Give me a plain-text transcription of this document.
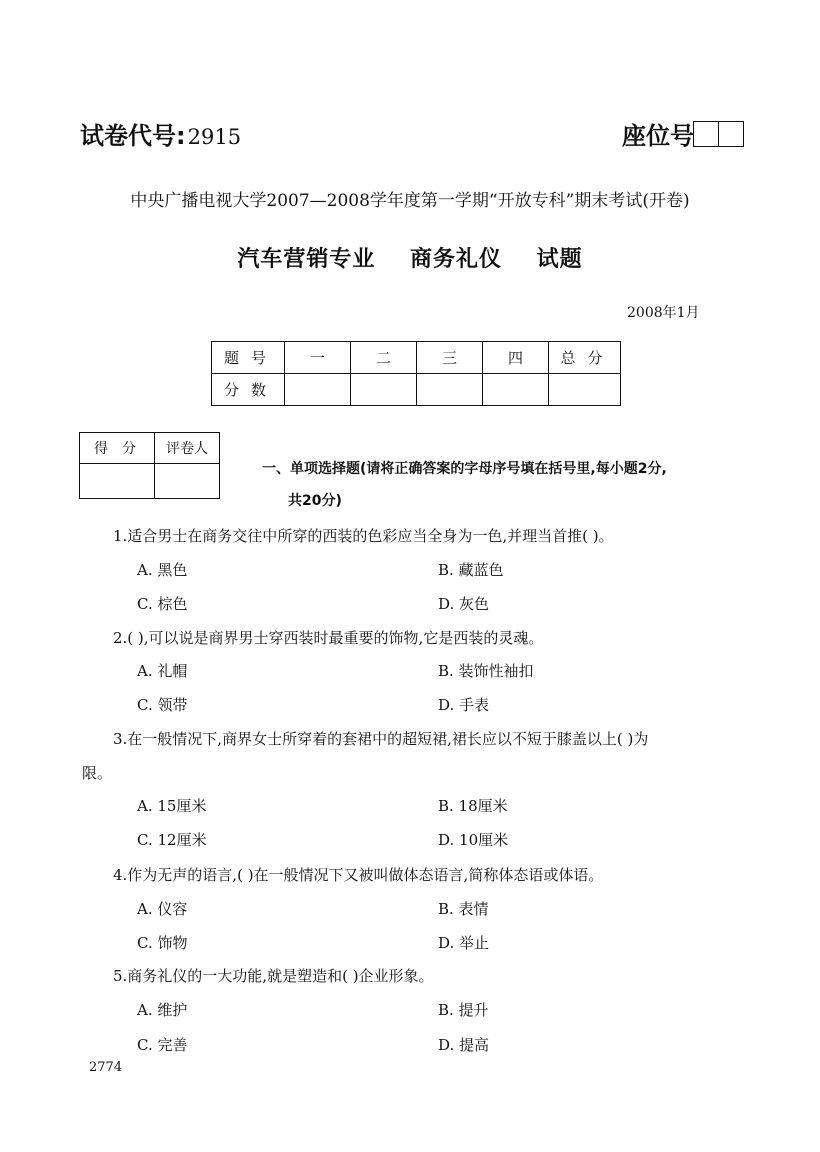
试卷代号:2915	座位号
中央广播电视大学2007—2008学年度第一学期“开放专科”期末考试(开卷)
汽车营销专业    商务礼仪    试题
2008年1月
题号	一	二	三	四	总分
分数					
得分	评卷人

一、单项选择题(请将正确答案的字母序号填在括号里,每小题2分,
共20分)
1.适合男士在商务交往中所穿的西装的色彩应当全身为一色,并理当首推( )。
A. 黑色	B. 藏蓝色
C. 棕色	D. 灰色
2.( ),可以说是商界男士穿西装时最重要的饰物,它是西装的灵魂。
A. 礼帽	B. 装饰性袖扣
C. 领带	D. 手表
3.在一般情况下,商界女士所穿着的套裙中的超短裙,裙长应以不短于膝盖以上( )为
限。
A. 15厘米	B. 18厘米
C. 12厘米	D. 10厘米
4.作为无声的语言,( )在一般情况下又被叫做体态语言,简称体态语或体语。
A. 仪容	B. 表情
C. 饰物	D. 举止
5.商务礼仪的一大功能,就是塑造和( )企业形象。
A. 维护	B. 提升
C. 完善	D. 提高
2774
